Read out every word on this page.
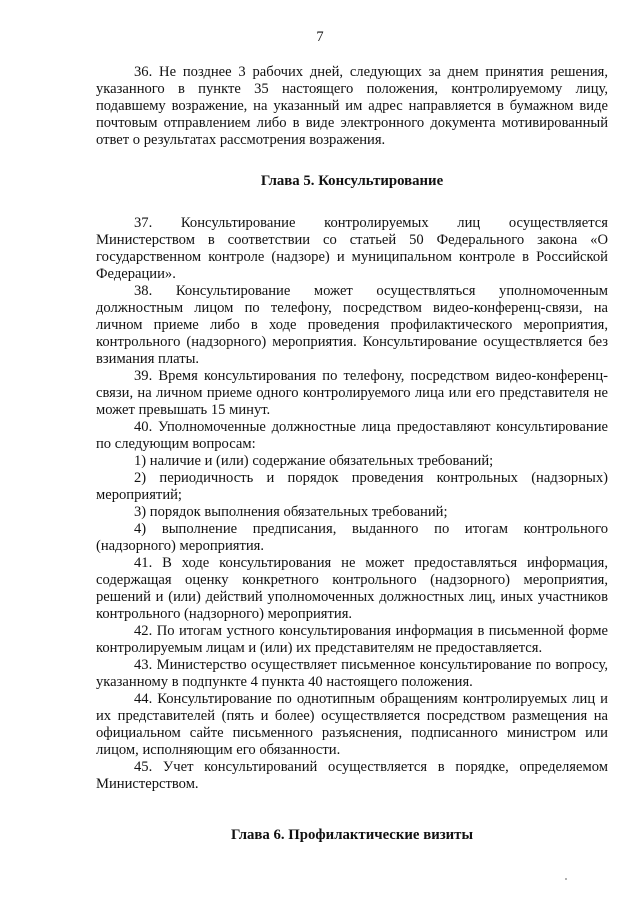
7

36. Не позднее 3 рабочих дней, следующих за днем принятия решения, указанного в пункте 35 настоящего положения, контролируемому лицу, подавшему возражение, на указанный им адрес направляется в бумажном виде почтовым отправлением либо в виде электронного документа мотивированный ответ о результатах рассмотрения возражения.

Глава 5. Консультирование

37. Консультирование контролируемых лиц осуществляется Министерством в соответствии со статьей 50 Федерального закона «О государственном контроле (надзоре) и муниципальном контроле в Российской Федерации».

38. Консультирование может осуществляться уполномоченным должностным лицом по телефону, посредством видео-конференц-связи, на личном приеме либо в ходе проведения профилактического мероприятия, контрольного (надзорного) мероприятия. Консультирование осуществляется без взимания платы.

39. Время консультирования по телефону, посредством видео-конференц-связи, на личном приеме одного контролируемого лица или его представителя не может превышать 15 минут.

40. Уполномоченные должностные лица предоставляют консультирование по следующим вопросам:

1) наличие и (или) содержание обязательных требований;

2) периодичность и порядок проведения контрольных (надзорных) мероприятий;

3) порядок выполнения обязательных требований;

4) выполнение предписания, выданного по итогам контрольного (надзорного) мероприятия.

41. В ходе консультирования не может предоставляться информация, содержащая оценку конкретного контрольного (надзорного) мероприятия, решений и (или) действий уполномоченных должностных лиц, иных участников контрольного (надзорного) мероприятия.

42. По итогам устного консультирования информация в письменной форме контролируемым лицам и (или) их представителям не предоставляется.

43. Министерство осуществляет письменное консультирование по вопросу, указанному в подпункте 4 пункта 40 настоящего положения.

44. Консультирование по однотипным обращениям контролируемых лиц и их представителей (пять и более) осуществляется посредством размещения на официальном сайте письменного разъяснения, подписанного министром или лицом, исполняющим его обязанности.

45. Учет консультирований осуществляется в порядке, определяемом Министерством.

Глава 6. Профилактические визиты
